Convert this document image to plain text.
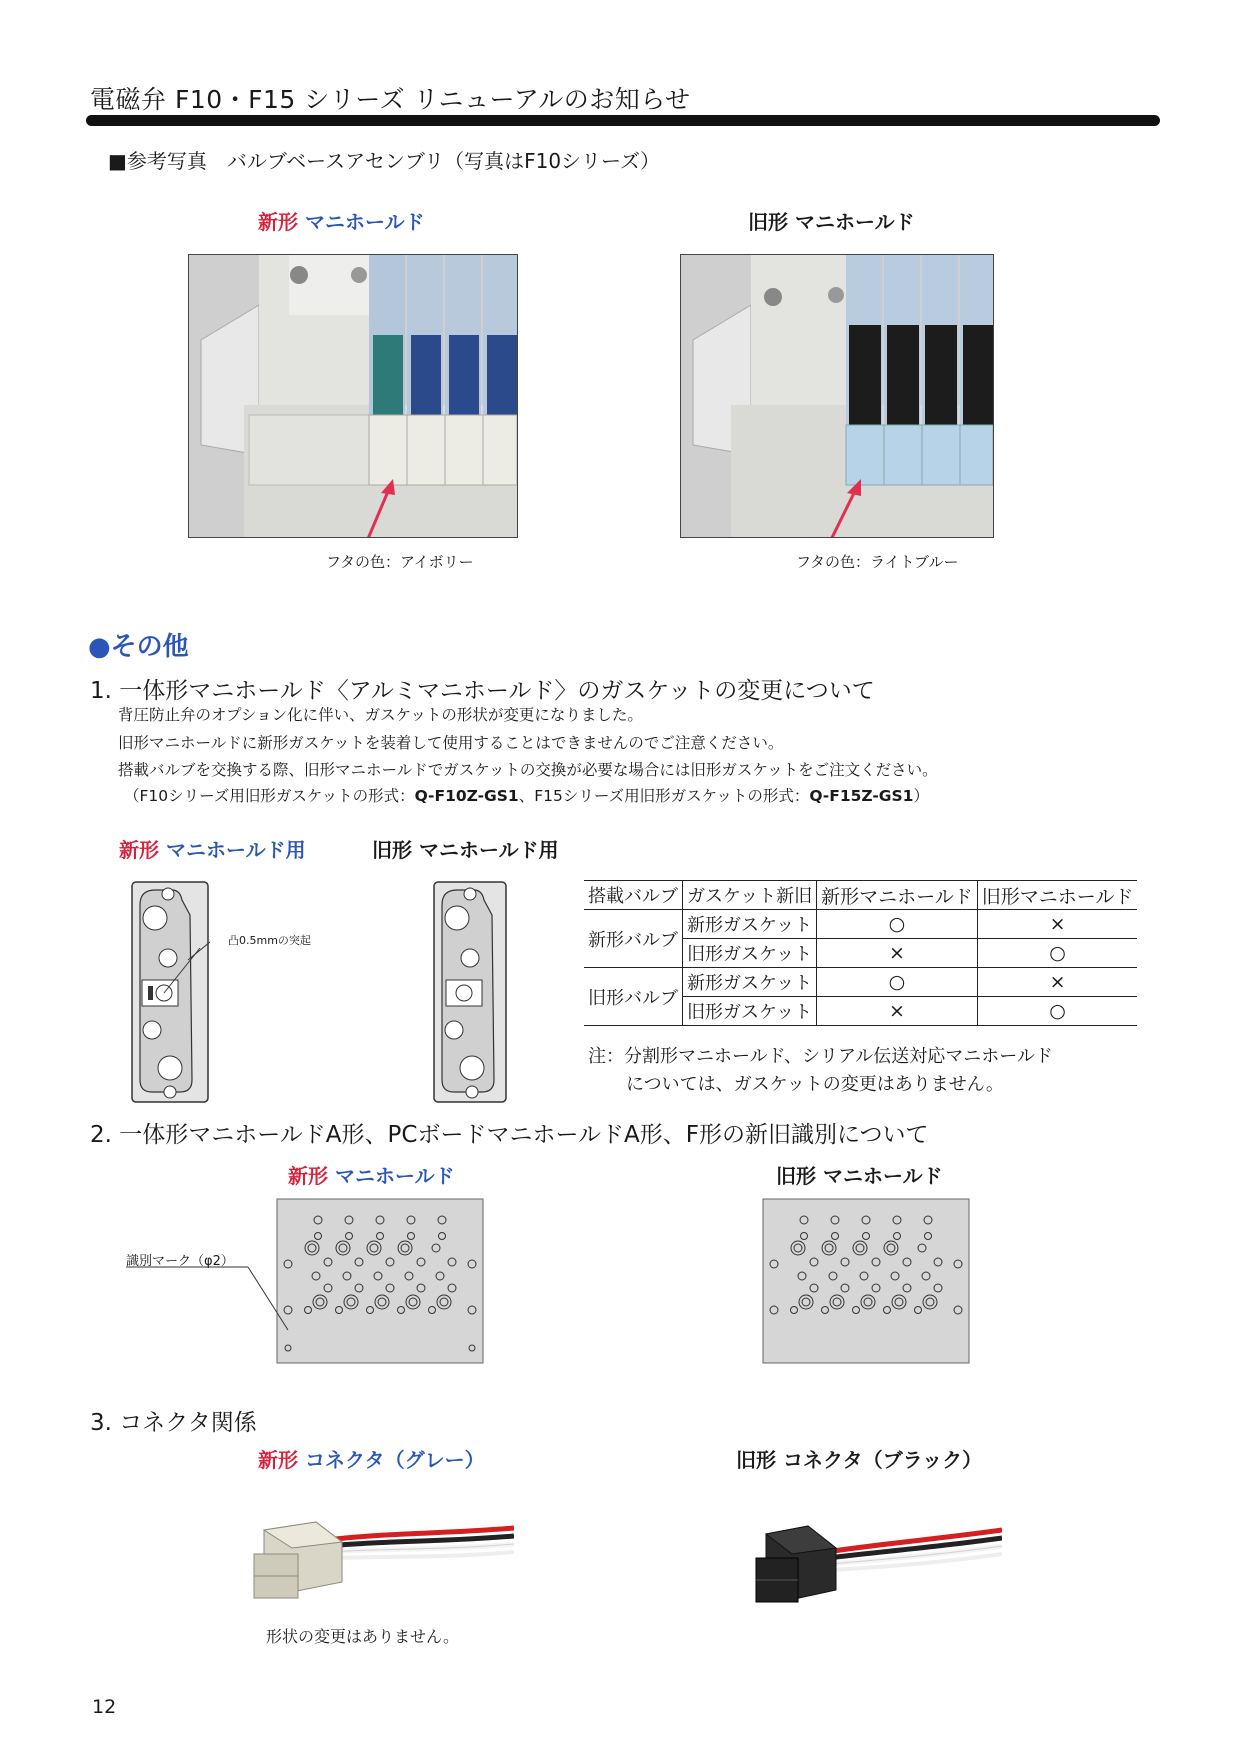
電磁弁 F10・F15 シリーズ リニューアルのお知らせ
■参考写真　バルブベースアセンブリ（写真はF10シリーズ）
新形 マニホールド	旧形 マニホールド
フタの色：アイボリー	フタの色：ライトブルー
●その他
1. 一体形マニホールド〈アルミマニホールド〉のガスケットの変更について
背圧防止弁のオプション化に伴い、ガスケットの形状が変更になりました。
旧形マニホールドに新形ガスケットを装着して使用することはできませんのでご注意ください。
搭載バルブを交換する際、旧形マニホールドでガスケットの交換が必要な場合には旧形ガスケットをご注文ください。
（F10シリーズ用旧形ガスケットの形式：Q-F10Z-GS1、F15シリーズ用旧形ガスケットの形式：Q-F15Z-GS1）
新形 マニホールド用	旧形 マニホールド用
凸0.5mmの突起
搭載バルブ	ガスケット新旧	新形マニホールド	旧形マニホールド
新形バルブ	新形ガスケット	○	×
	旧形ガスケット	×	○
旧形バルブ	新形ガスケット	○	×
	旧形ガスケット	×	○
注：分割形マニホールド、シリアル伝送対応マニホールド
については、ガスケットの変更はありません。
2. 一体形マニホールドA形、PCボードマニホールドA形、F形の新旧識別について
新形 マニホールド	旧形 マニホールド
識別マーク（φ2）
3. コネクタ関係
新形 コネクタ（グレー）	旧形 コネクタ（ブラック）
形状の変更はありません。
12
